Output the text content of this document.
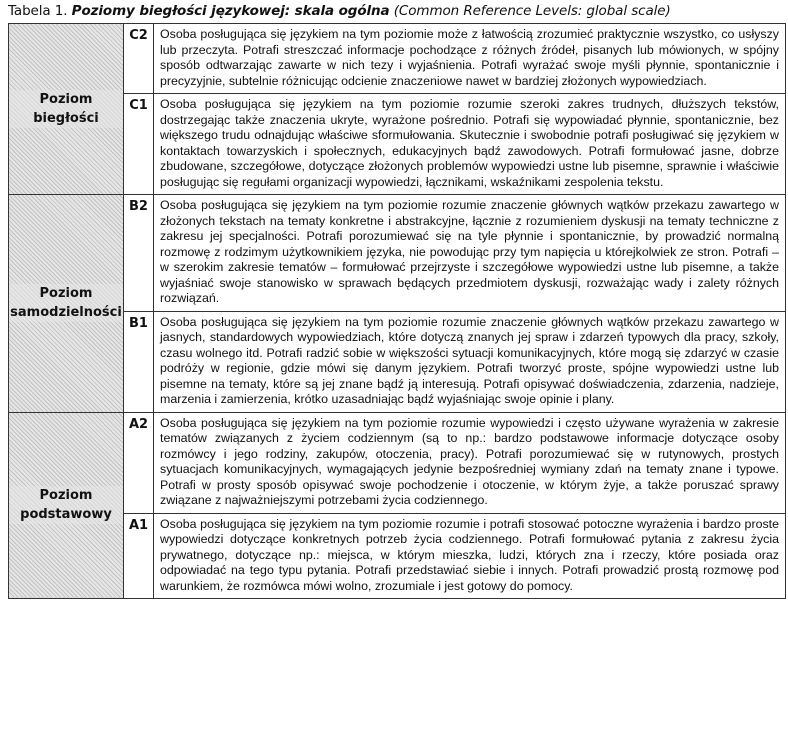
Tabela 1. Poziomy biegłości językowej: skala ogólna (Common Reference Levels: global scale)
Poziom biegłości	C2	Osoba posługująca się językiem na tym poziomie może z łatwością zrozumieć praktycznie wszystko, co usłyszy lub przeczyta. Potrafi streszczać informacje pochodzące z różnych źródeł, pisanych lub mówionych, w spójny sposób odtwarzając zawarte w nich tezy i wyjaśnienia. Potrafi wyrażać swoje myśli płynnie, spontanicznie i precyzyjnie, subtelnie różnicując odcienie znaczeniowe nawet w bardziej złożonych wypowiedziach.
	C1	Osoba posługująca się językiem na tym poziomie rozumie szeroki zakres trudnych, dłuższych tekstów, dostrzegając także znaczenia ukryte, wyrażone pośrednio. Potrafi się wypowiadać płynnie, spontanicznie, bez większego trudu odnajdując właściwe sformułowania. Skutecznie i swobodnie potrafi posługiwać się językiem w kontaktach towarzyskich i społecznych, edukacyjnych bądź zawodowych. Potrafi formułować jasne, dobrze zbudowane, szczegółowe, dotyczące złożonych problemów wypowiedzi ustne lub pisemne, sprawnie i właściwie posługując się regułami organizacji wypowiedzi, łącznikami, wskaźnikami zespolenia tekstu.
Poziom samodzielności	B2	Osoba posługująca się językiem na tym poziomie rozumie znaczenie głównych wątków przekazu zawartego w złożonych tekstach na tematy konkretne i abstrakcyjne, łącznie z rozumieniem dyskusji na tematy techniczne z zakresu jej specjalności. Potrafi porozumiewać się na tyle płynnie i spontanicznie, by prowadzić normalną rozmowę z rodzimym użytkownikiem języka, nie powodując przy tym napięcia u którejkolwiek ze stron. Potrafi – w szerokim zakresie tematów – formułować przejrzyste i szczegółowe wypowiedzi ustne lub pisemne, a także wyjaśniać swoje stanowisko w sprawach będących przedmiotem dyskusji, rozważając wady i zalety różnych rozwiązań.
	B1	Osoba posługująca się językiem na tym poziomie rozumie znaczenie głównych wątków przekazu zawartego w jasnych, standardowych wypowiedziach, które dotyczą znanych jej spraw i zdarzeń typowych dla pracy, szkoły, czasu wolnego itd. Potrafi radzić sobie w większości sytuacji komunikacyjnych, które mogą się zdarzyć w czasie podróży w regionie, gdzie mówi się danym językiem. Potrafi tworzyć proste, spójne wypowiedzi ustne lub pisemne na tematy, które są jej znane bądź ją interesują. Potrafi opisywać doświadczenia, zdarzenia, nadzieje, marzenia i zamierzenia, krótko uzasadniając bądź wyjaśniając swoje opinie i plany.
Poziom podstawowy	A2	Osoba posługująca się językiem na tym poziomie rozumie wypowiedzi i często używane wyrażenia w zakresie tematów związanych z życiem codziennym (są to np.: bardzo podstawowe informacje dotyczące osoby rozmówcy i jego rodziny, zakupów, otoczenia, pracy). Potrafi porozumiewać się w rutynowych, prostych sytuacjach komunikacyjnych, wymagających jedynie bezpośredniej wymiany zdań na tematy znane i typowe. Potrafi w prosty sposób opisywać swoje pochodzenie i otoczenie, w którym żyje, a także poruszać sprawy związane z najważniejszymi potrzebami życia codziennego.
	A1	Osoba posługująca się językiem na tym poziomie rozumie i potrafi stosować potoczne wyrażenia i bardzo proste wypowiedzi dotyczące konkretnych potrzeb życia codziennego. Potrafi formułować pytania z zakresu życia prywatnego, dotyczące np.: miejsca, w którym mieszka, ludzi, których zna i rzeczy, które posiada oraz odpowiadać na tego typu pytania. Potrafi przedstawiać siebie i innych. Potrafi prowadzić prostą rozmowę pod warunkiem, że rozmówca mówi wolno, zrozumiale i jest gotowy do pomocy.
